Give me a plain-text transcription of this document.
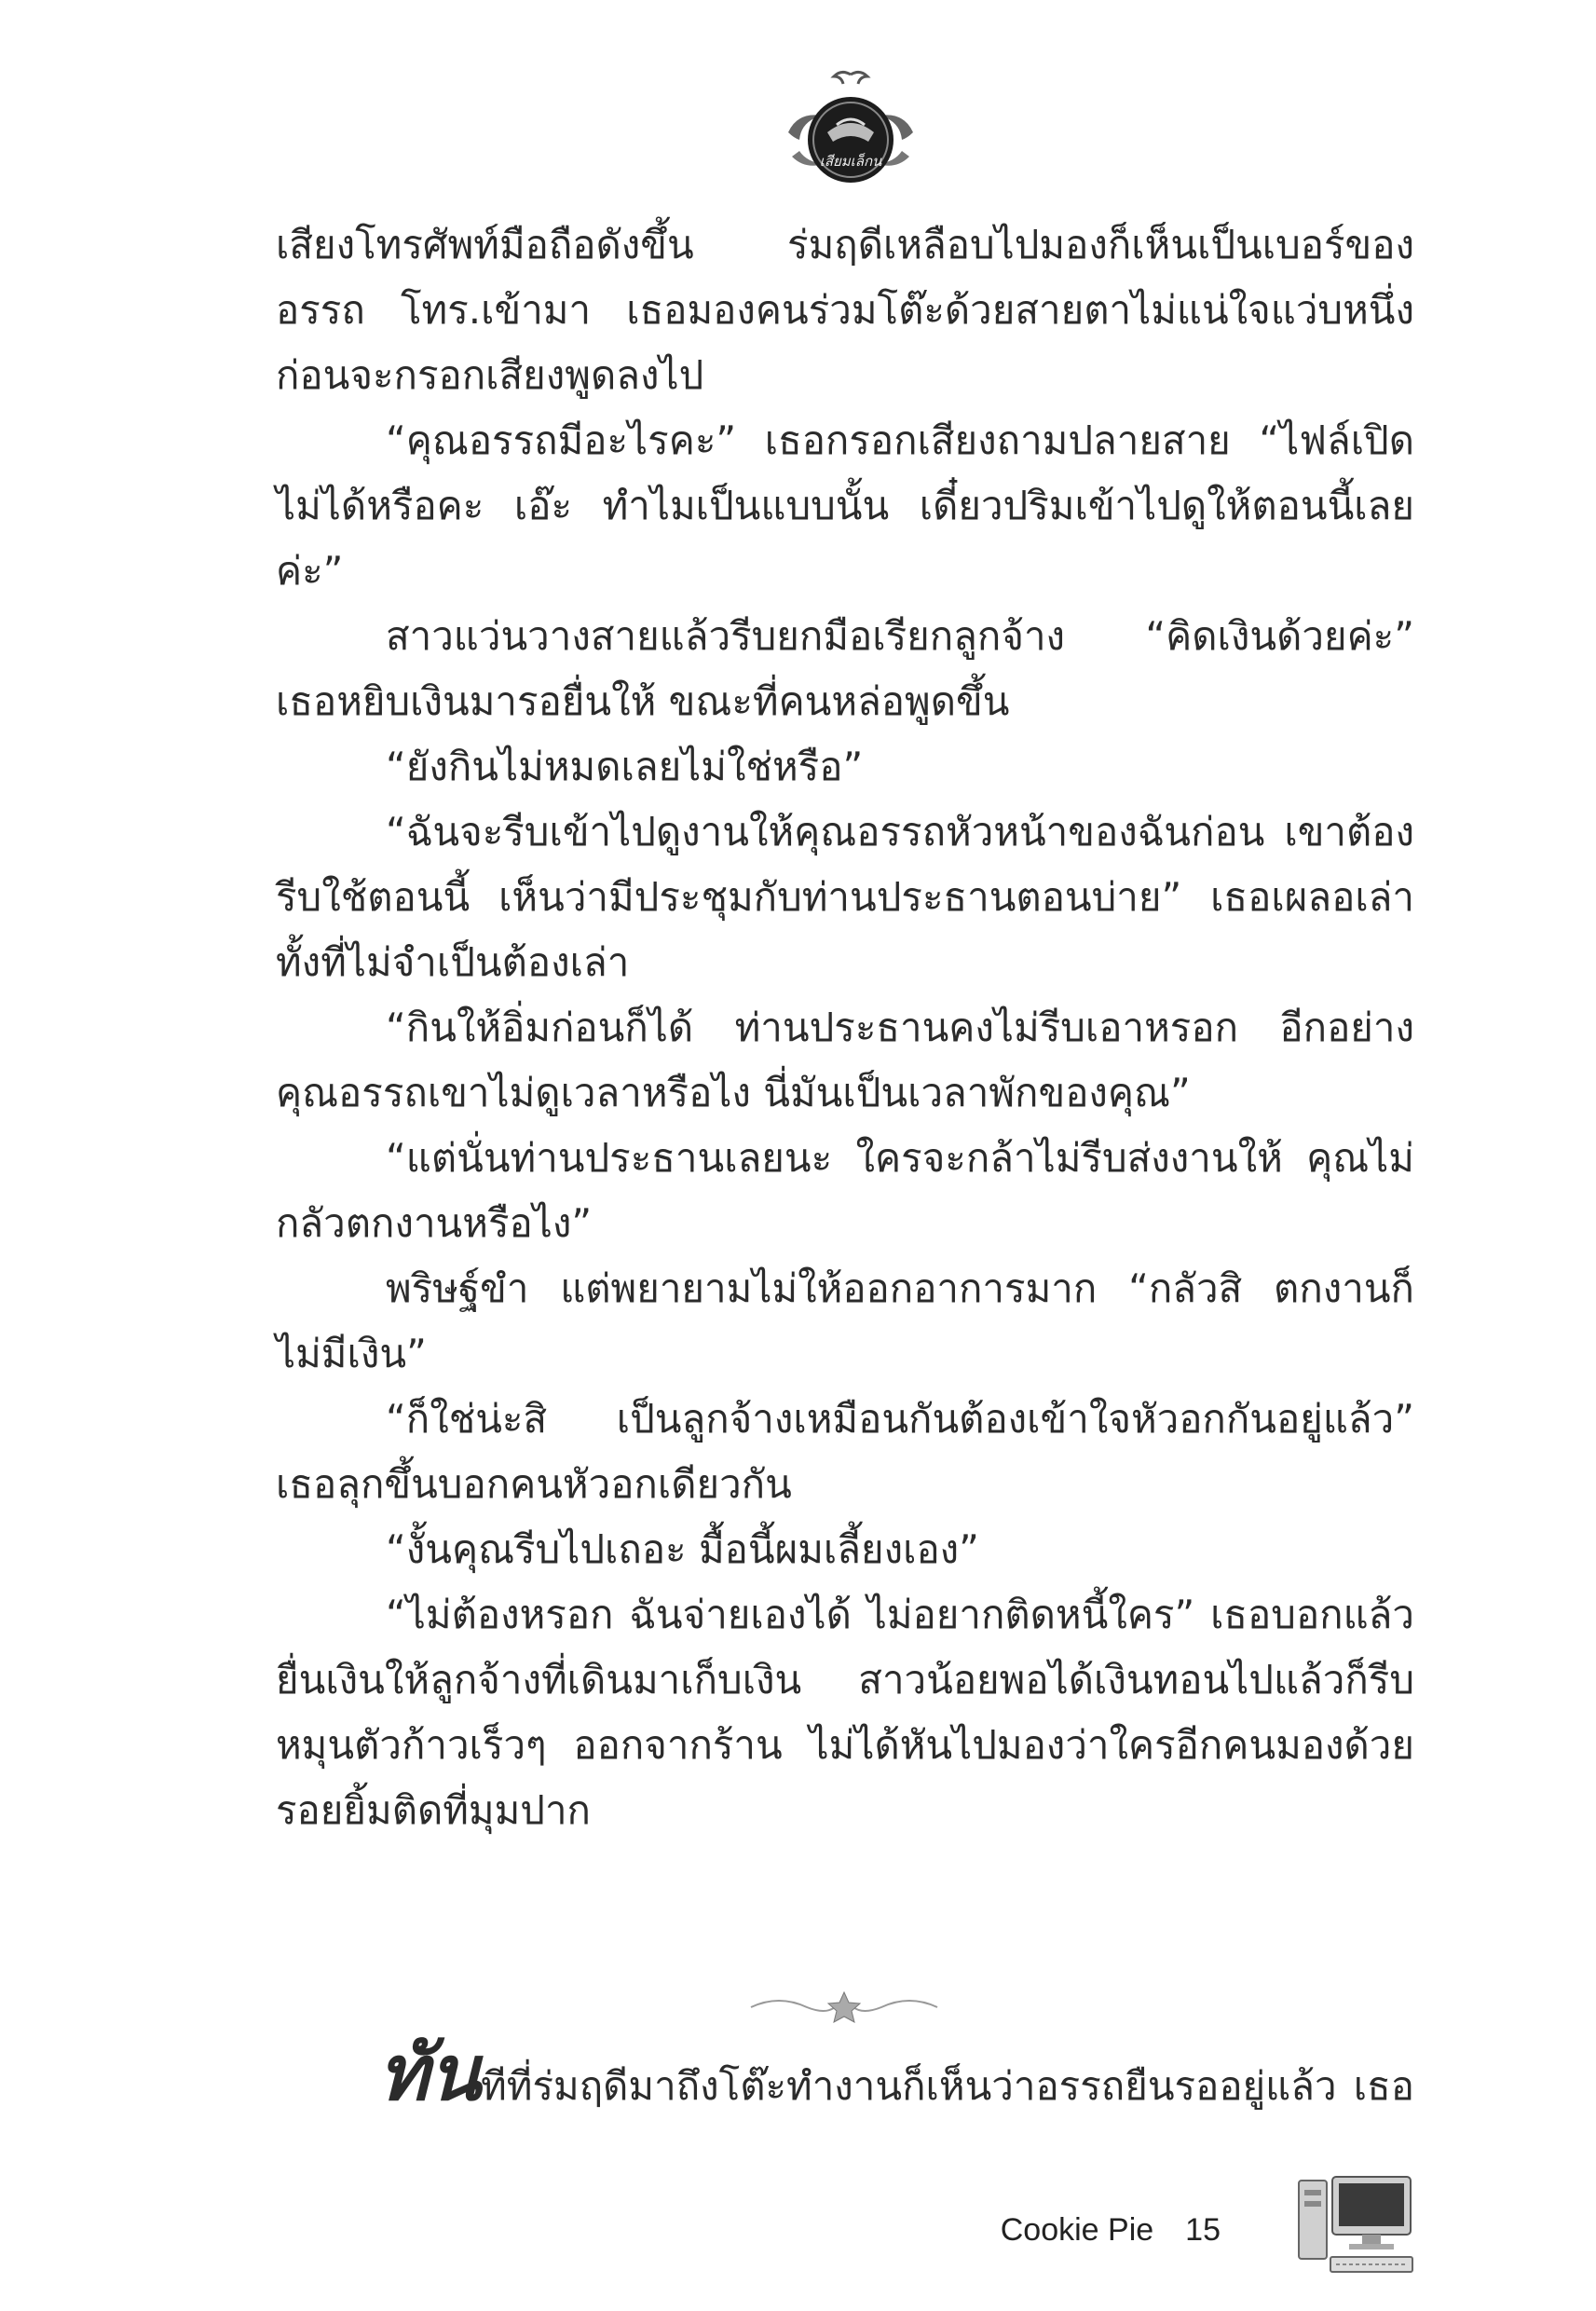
เสียมเล็กน

เสียงโทรศัพท์มือถือดังขึ้น ร่มฤดีเหลือบไปมองก็เห็นเป็นเบอร์ของอรรถ โทร.เข้ามา เธอมองคนร่วมโต๊ะด้วยสายตาไม่แน่ใจแว่บหนึ่งก่อนจะกรอกเสียงพูดลงไป

“คุณอรรถมีอะไรคะ” เธอกรอกเสียงถามปลายสาย “ไฟล์เปิดไม่ได้หรือคะ เอ๊ะ ทำไมเป็นแบบนั้น เดี๋ยวปริมเข้าไปดูให้ตอนนี้เลยค่ะ”

สาวแว่นวางสายแล้วรีบยกมือเรียกลูกจ้าง “คิดเงินด้วยค่ะ” เธอหยิบเงินมารอยื่นให้ ขณะที่คนหล่อพูดขึ้น

“ยังกินไม่หมดเลยไม่ใช่หรือ”

“ฉันจะรีบเข้าไปดูงานให้คุณอรรถหัวหน้าของฉันก่อน เขาต้องรีบใช้ตอนนี้ เห็นว่ามีประชุมกับท่านประธานตอนบ่าย” เธอเผลอเล่าทั้งที่ไม่จำเป็นต้องเล่า

“กินให้อิ่มก่อนก็ได้ ท่านประธานคงไม่รีบเอาหรอก อีกอย่างคุณอรรถเขาไม่ดูเวลาหรือไง นี่มันเป็นเวลาพักของคุณ”

“แต่นั่นท่านประธานเลยนะ ใครจะกล้าไม่รีบส่งงานให้ คุณไม่กลัวตกงานหรือไง”

พริษฐ์ขำ แต่พยายามไม่ให้ออกอาการมาก “กลัวสิ ตกงานก็ไม่มีเงิน”

“ก็ใช่น่ะสิ เป็นลูกจ้างเหมือนกันต้องเข้าใจหัวอกกันอยู่แล้ว” เธอลุกขึ้นบอกคนหัวอกเดียวกัน

“งั้นคุณรีบไปเถอะ มื้อนี้ผมเลี้ยงเอง”

“ไม่ต้องหรอก ฉันจ่ายเองได้ ไม่อยากติดหนี้ใคร” เธอบอกแล้วยื่นเงินให้ลูกจ้างที่เดินมาเก็บเงิน สาวน้อยพอได้เงินทอนไปแล้วก็รีบหมุนตัวก้าวเร็วๆ ออกจากร้าน ไม่ได้หันไปมองว่าใครอีกคนมองด้วยรอยยิ้มติดที่มุมปาก

ทันทีที่ร่มฤดีมาถึงโต๊ะทำงานก็เห็นว่าอรรถยืนรออยู่แล้ว เธอ

Cookie Pie 15
